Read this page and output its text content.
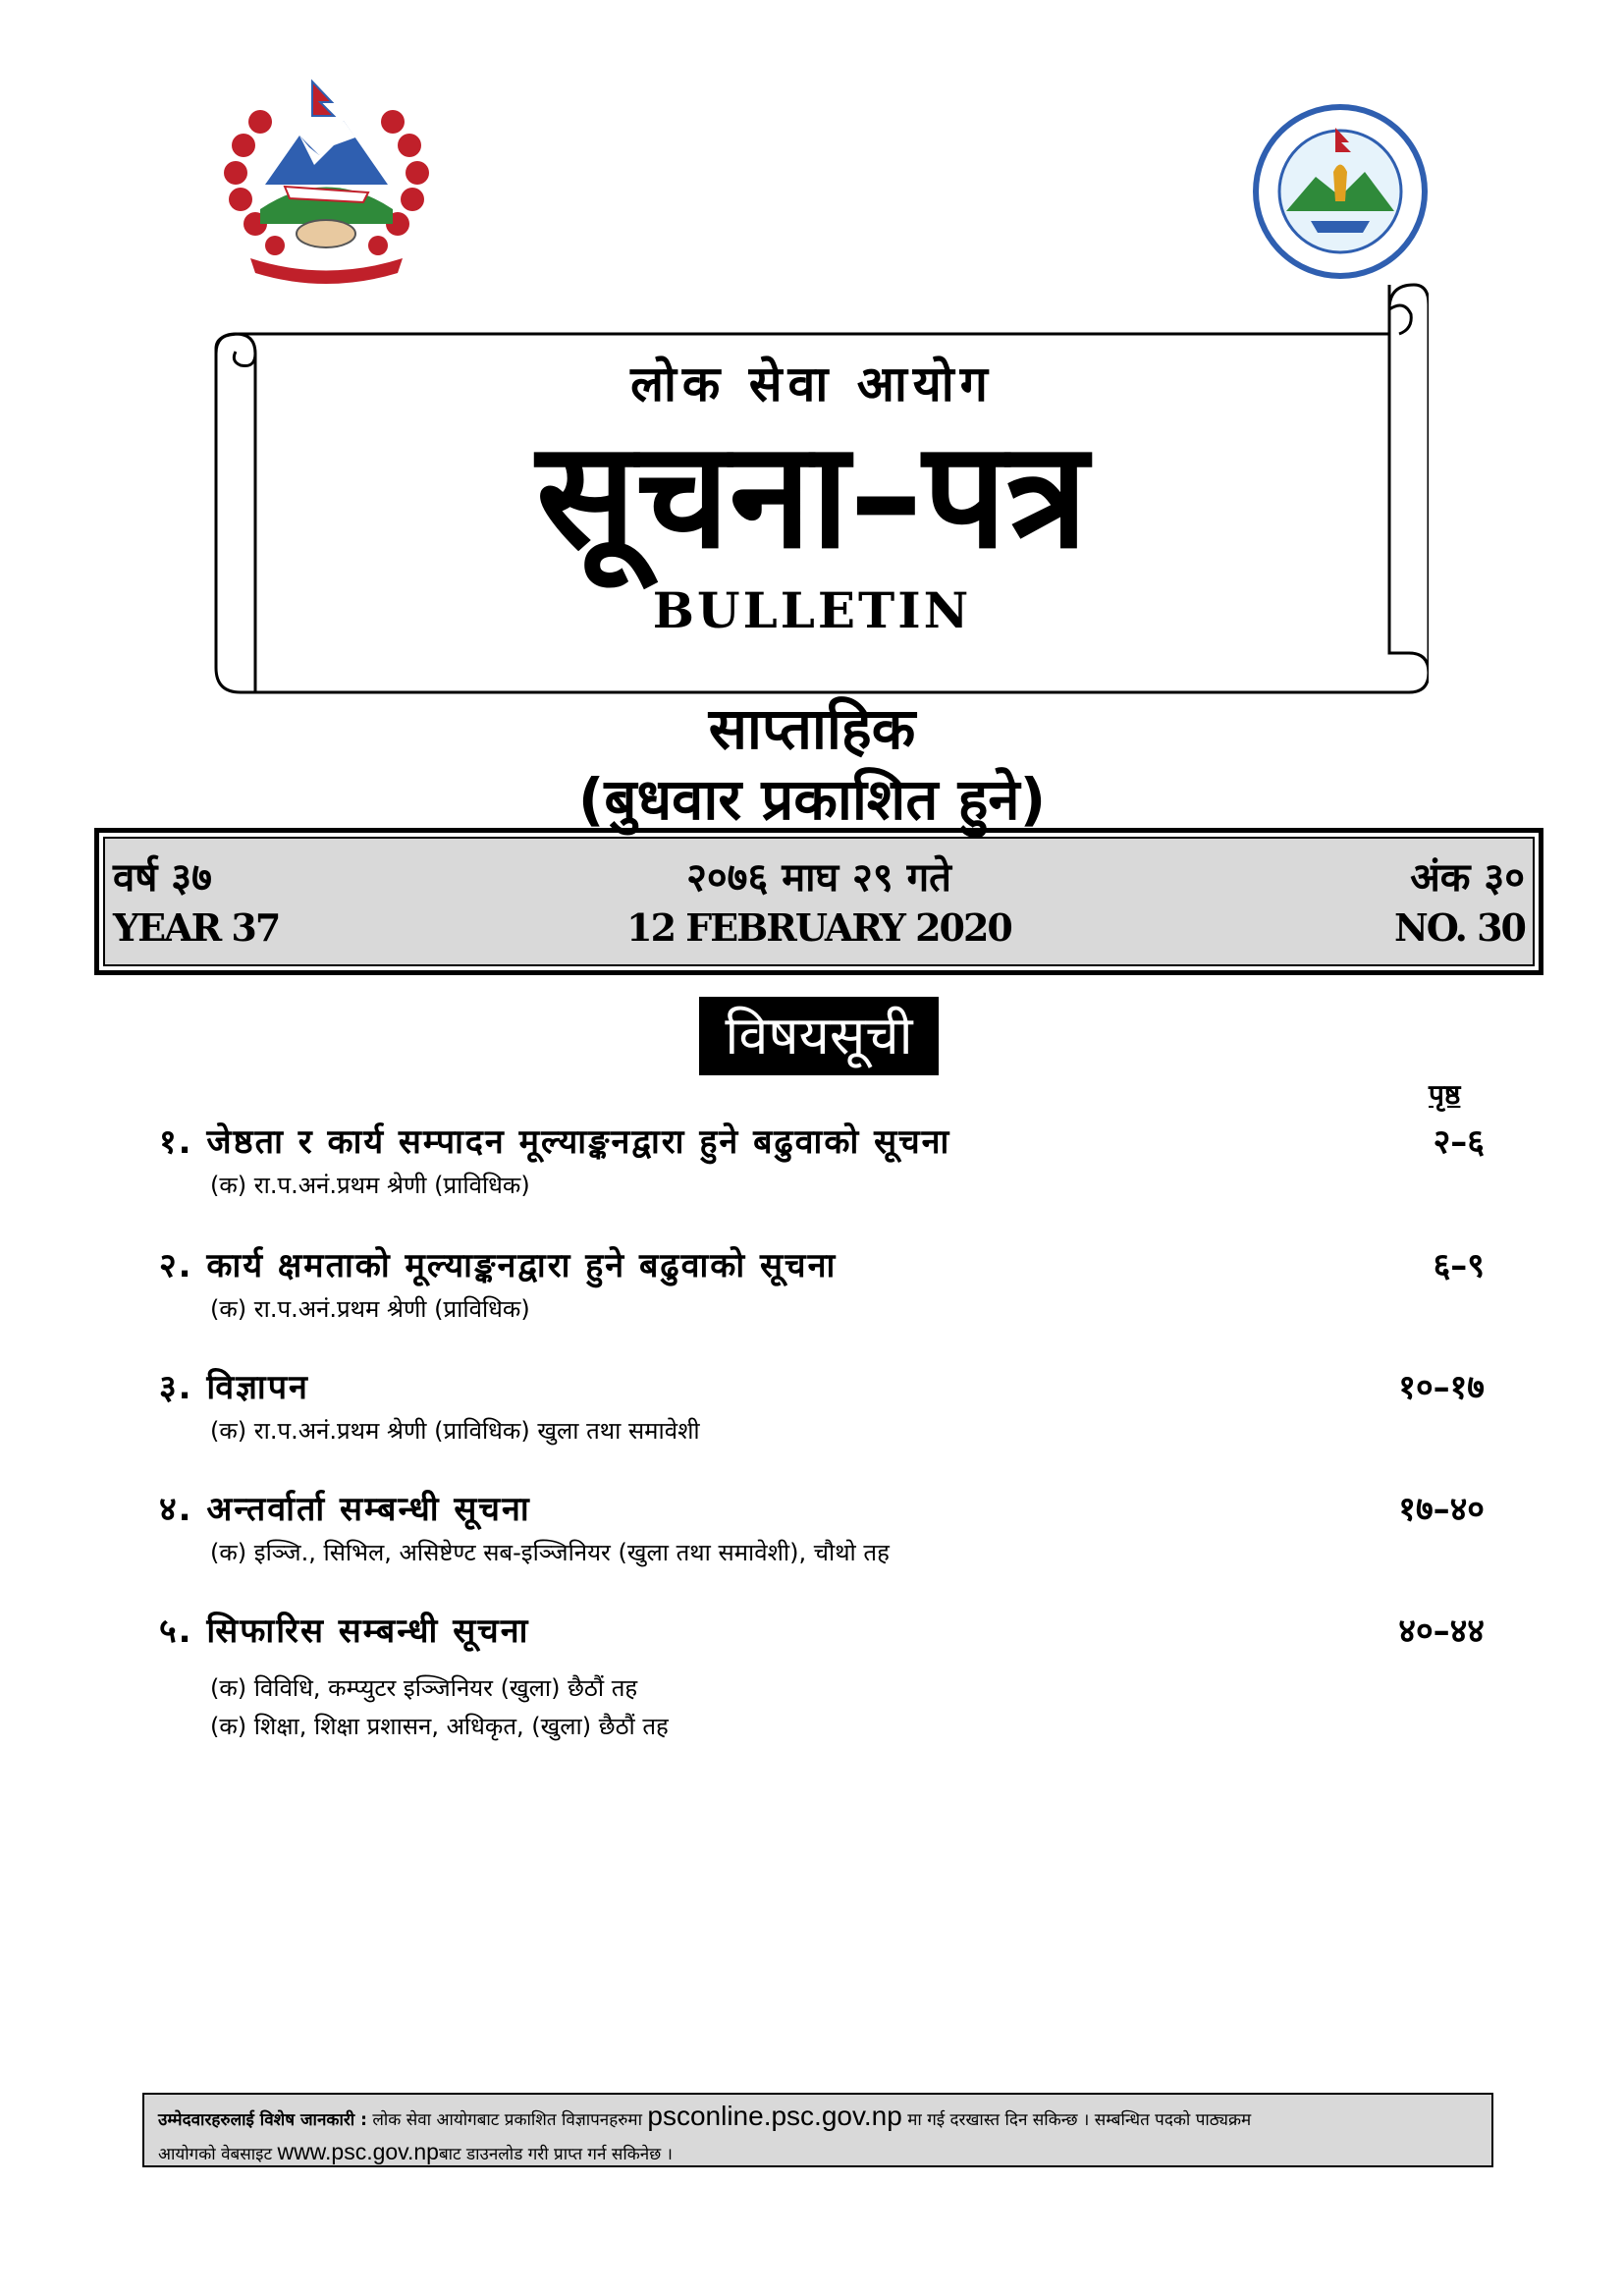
लोक सेवा आयोग
सूचना–पत्र
BULLETIN
साप्ताहिक
(बुधवार प्रकाशित हुने)
वर्ष ३७
YEAR 37
२०७६ माघ २९ गते
12 FEBRUARY 2020
अंक ३०
NO. 30
विषयसूची
पृष्ठ
१. जेष्ठता र कार्य सम्पादन मूल्याङ्कनद्वारा हुने बढुवाको सूचना	२–६
(क) रा.प.अनं.प्रथम श्रेणी (प्राविधिक)
२. कार्य क्षमताको मूल्याङ्कनद्वारा हुने बढुवाको सूचना	६–९
(क) रा.प.अनं.प्रथम श्रेणी (प्राविधिक)
३. विज्ञापन	१०–१७
(क) रा.प.अनं.प्रथम श्रेणी (प्राविधिक) खुला तथा समावेशी
४. अन्तर्वार्ता सम्बन्धी सूचना	१७–४०
(क) इञ्जि., सिभिल, असिष्टेण्ट सब-इञ्जिनियर (खुला तथा समावेशी), चौथो तह
५. सिफारिस सम्बन्धी सूचना	४०–४४
(क) विविधि, कम्प्युटर इञ्जिनियर (खुला) छैठौं तह
(क) शिक्षा, शिक्षा प्रशासन, अधिकृत, (खुला) छैठौं तह
उम्मेदवारहरुलाई विशेष जानकारी : लोक सेवा आयोगबाट प्रकाशित विज्ञापनहरुमा psconline.psc.gov.np मा गई दरखास्त दिन सकिन्छ । सम्बन्धित पदको पाठ्यक्रम
आयोगको वेबसाइट www.psc.gov.npबाट डाउनलोड गरी प्राप्त गर्न सकिनेछ ।
